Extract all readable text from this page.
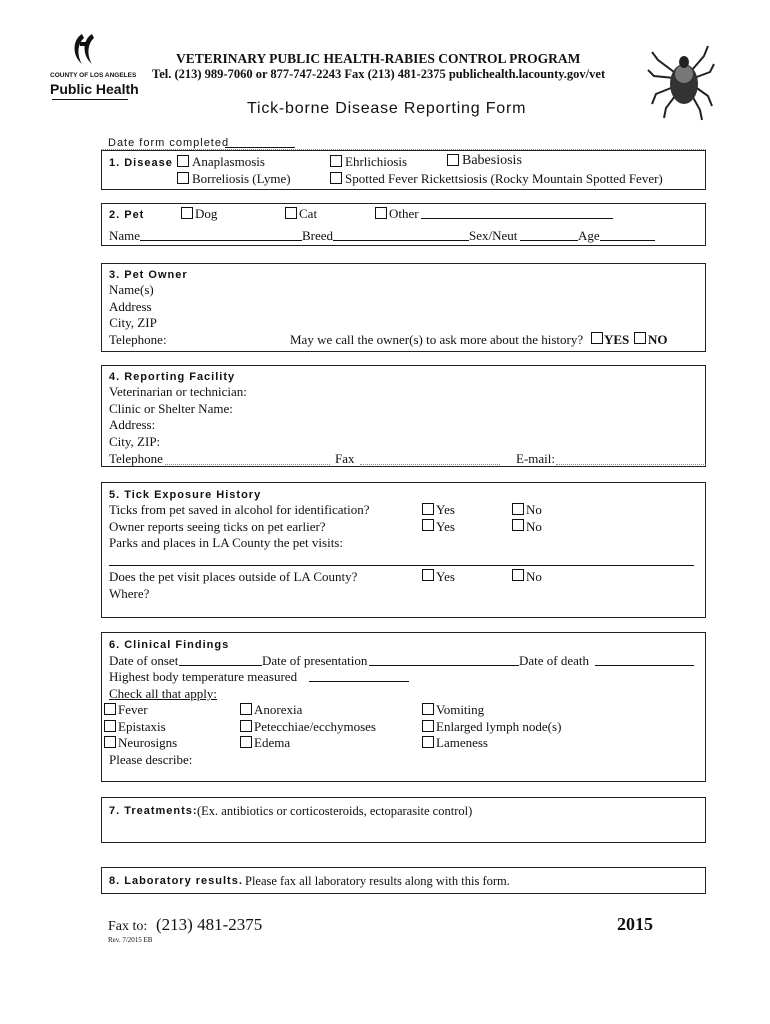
COUNTY OF LOS ANGELES
Public Health
VETERINARY PUBLIC HEALTH-RABIES CONTROL PROGRAM
Tel. (213) 989-7060 or 877-747-2243 Fax (213) 481-2375 publichealth.lacounty.gov/vet
Tick-borne Disease Reporting Form
Date form completed
1. Disease Anaplasmosis	Ehrlichiosis	Babesiosis
Borreliosis (Lyme)	Spotted Fever Rickettsiosis (Rocky Mountain Spotted Fever)
2. Pet	Dog	Cat	Other
Name	Breed	Sex/Neut	Age
3. Pet Owner
Name(s)
Address
City, ZIP
Telephone:	May we call the owner(s) to ask more about the history? YES NO
4. Reporting Facility
Veterinarian or technician:
Clinic or Shelter Name:
Address:
City, ZIP:
Telephone	Fax	E-mail:
5. Tick Exposure History
Ticks from pet saved in alcohol for identification?	Yes	No
Owner reports seeing ticks on pet earlier?	Yes	No
Parks and places in LA County the pet visits:
Does the pet visit places outside of LA County?	Yes	No
Where?
6. Clinical Findings
Date of onset	Date of presentation	Date of death
Highest body temperature measured
Check all that apply:
Fever	Anorexia	Vomiting
Epistaxis	Petecchiae/ecchymoses	Enlarged lymph node(s)
Neurosigns	Edema	Lameness
Please describe:
7. Treatments: (Ex. antibiotics or corticosteroids, ectoparasite control)
8. Laboratory results. Please fax all laboratory results along with this form.
Fax to: (213) 481-2375
Rev. 7/2015 EB
2015
